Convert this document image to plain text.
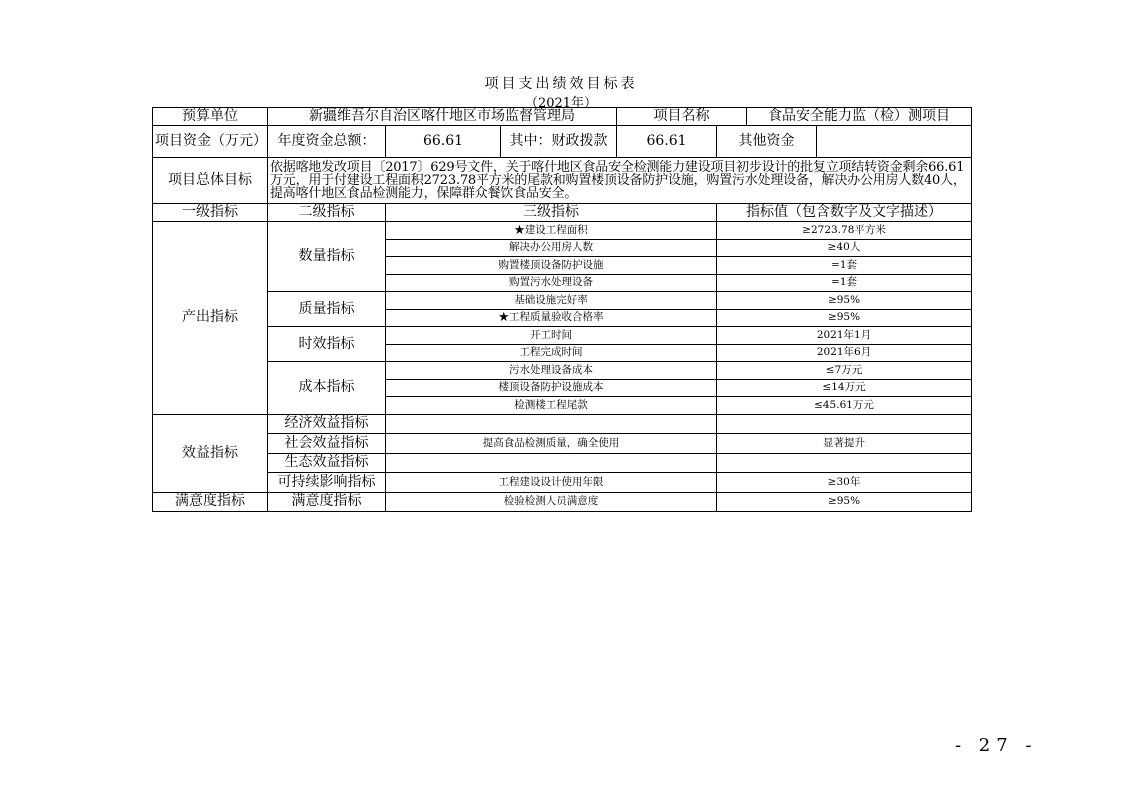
项目支出绩效目标表
（2021年）
预算单位	新疆维吾尔自治区喀什地区市场监督管理局			项目名称		食品安全能力监（检）测项目	
项目资金（万元）	年度资金总额：	66.61	其中：财政拨款	66.61	其他资金		
项目总体目标	依据喀地发改项目〔2017〕629号文件，关于喀什地区食品安全检测能力建设项目初步设计的批复立项结转资金剩余66.61万元，用于付建设工程面积2723.78平方米的尾款和购置楼顶设备防护设施，购置污水处理设备，解决办公用房人数40人，提高喀什地区食品检测能力，保障群众餐饮食品安全。						
一级指标	二级指标	三级指标			指标值（包含数字及文字描述）		
产出指标	数量指标	★建设工程面积			≥2723.78平方米		
		解决办公用房人数			≥40人		
		购置楼顶设备防护设施			=1套		
		购置污水处理设备			=1套		
	质量指标	基础设施完好率			≥95%		
		★工程质量验收合格率			≥95%		
	时效指标	开工时间			2021年1月		
		工程完成时间			2021年6月		
	成本指标	污水处理设备成本			≤7万元		
		楼顶设备防护设施成本			≤14万元		
		检测楼工程尾款			≤45.61万元		
效益指标	经济效益指标						
	社会效益指标	提高食品检测质量，确全使用			显著提升		
	生态效益指标						
	可持续影响指标	工程建设设计使用年限			≥30年		
满意度指标	满意度指标	检验检测人员满意度			≥95%		
- 27 -
